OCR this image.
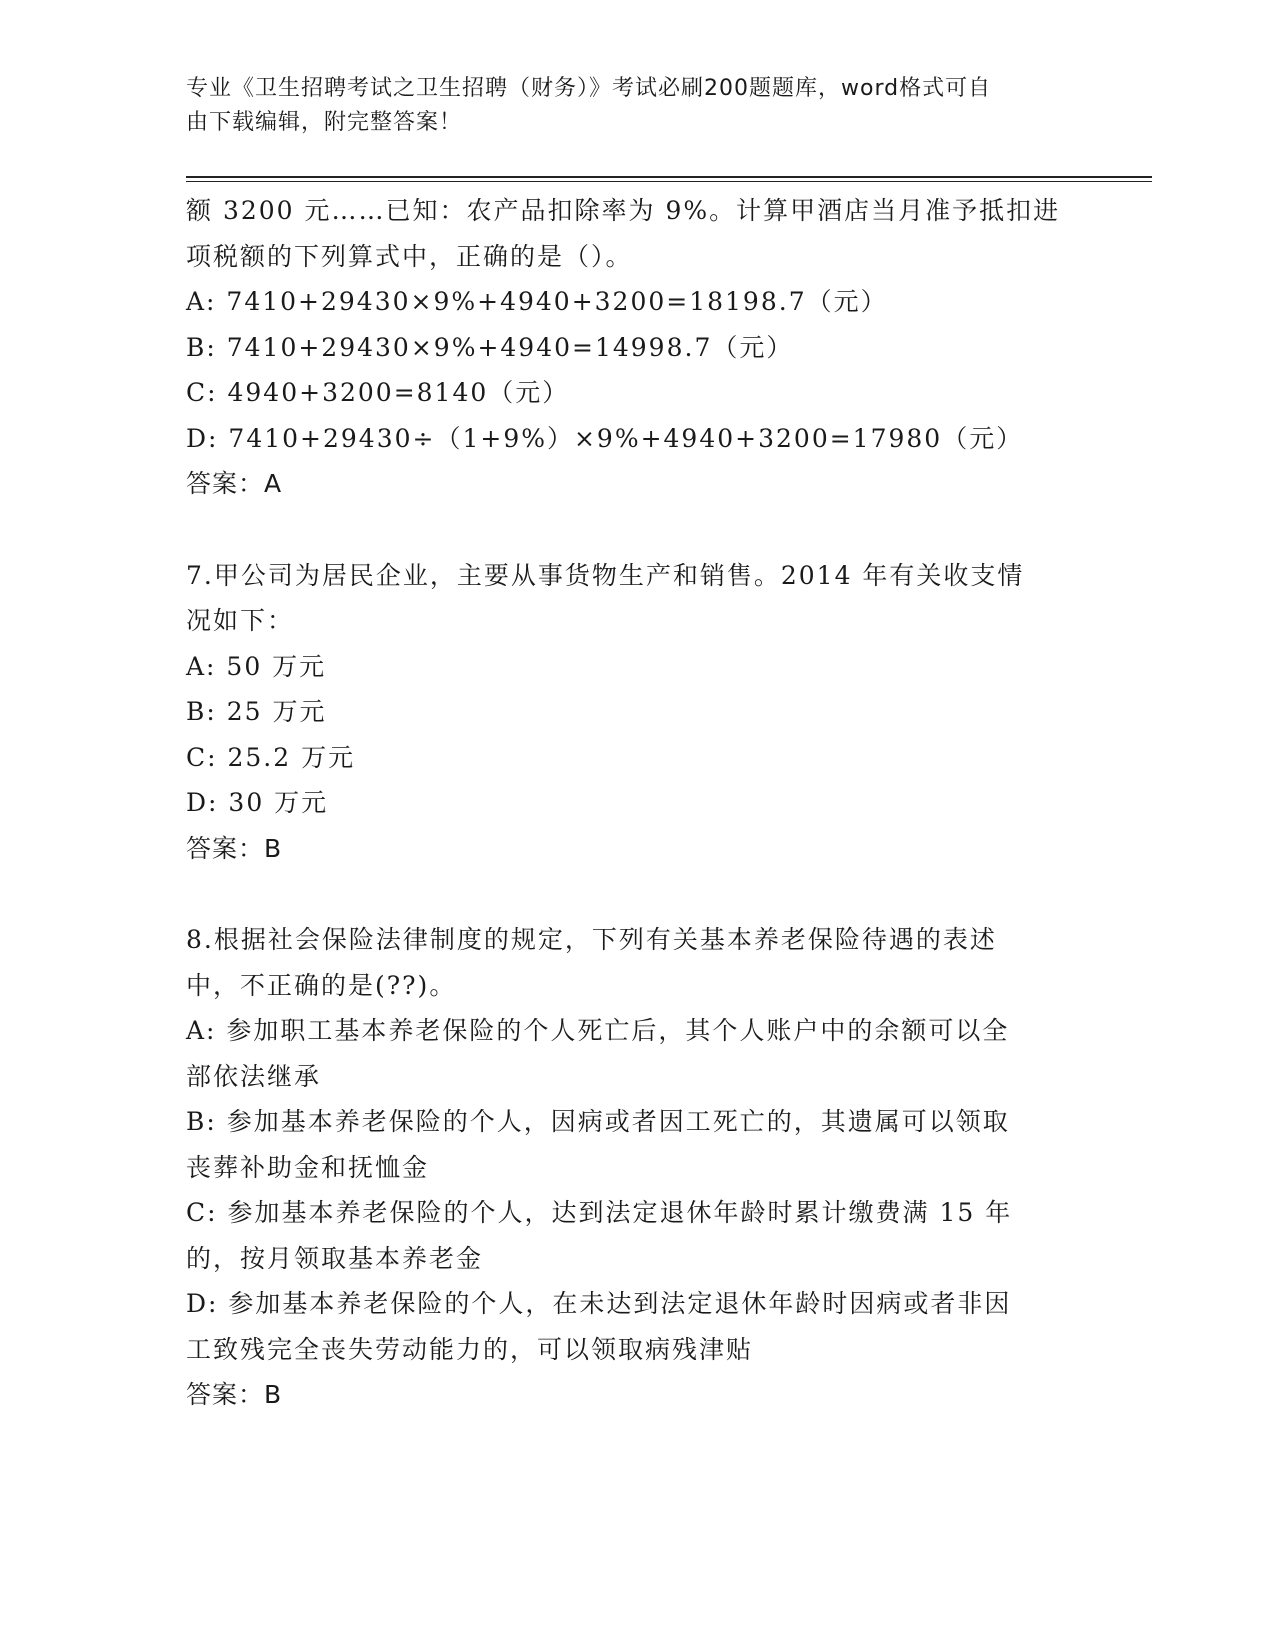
专业《卫生招聘考试之卫生招聘（财务）》考试必刷200题题库，word格式可自
由下载编辑，附完整答案！
额 3200 元……已知：农产品扣除率为 9%。计算甲酒店当月准予抵扣进
项税额的下列算式中，正确的是（）。
A: 7410+29430×9%+4940+3200=18198.7（元）
B: 7410+29430×9%+4940=14998.7（元）
C: 4940+3200=8140（元）
D: 7410+29430÷（1+9%）×9%+4940+3200=17980（元）
答案：A
7.甲公司为居民企业，主要从事货物生产和销售。2014 年有关收支情
况如下：
A: 50 万元
B: 25 万元
C: 25.2 万元
D: 30 万元
答案：B
8.根据社会保险法律制度的规定，下列有关基本养老保险待遇的表述
中，不正确的是(??)。
A: 参加职工基本养老保险的个人死亡后，其个人账户中的余额可以全
部依法继承
B: 参加基本养老保险的个人，因病或者因工死亡的，其遗属可以领取
丧葬补助金和抚恤金
C: 参加基本养老保险的个人，达到法定退休年龄时累计缴费满 15 年
的，按月领取基本养老金
D: 参加基本养老保险的个人，在未达到法定退休年龄时因病或者非因
工致残完全丧失劳动能力的，可以领取病残津贴
答案：B
